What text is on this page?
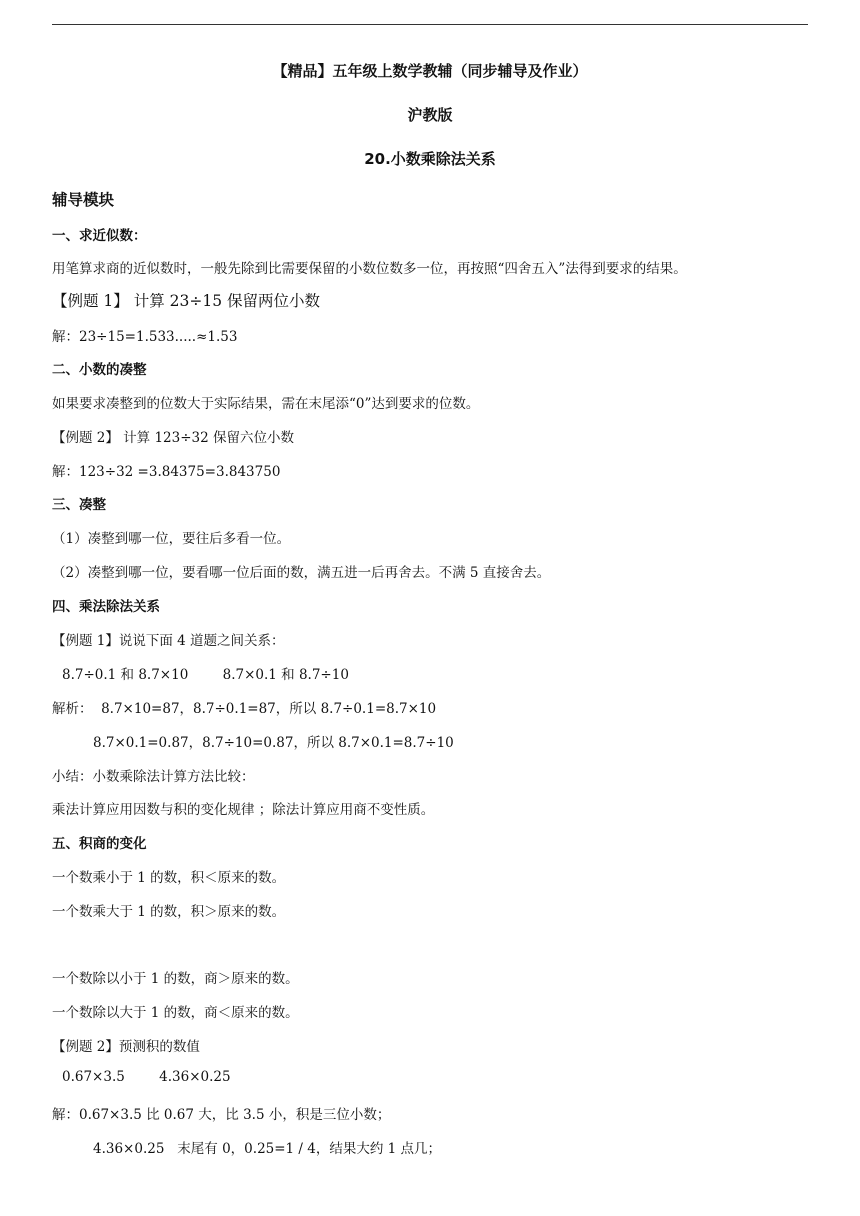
【精品】五年级上数学教辅（同步辅导及作业）
沪教版
20.小数乘除法关系
辅导模块
一、求近似数：
用笔算求商的近似数时，一般先除到比需要保留的小数位数多一位，再按照“四舍五入”法得到要求的结果。
【例题 1】 计算 23÷15 保留两位小数
解：23÷15=1.533.....≈1.53
二、小数的凑整
如果要求凑整到的位数大于实际结果，需在末尾添“0”达到要求的位数。
【例题 2】 计算 123÷32 保留六位小数
解：123÷32 =3.84375=3.843750
三、凑整
（1）凑整到哪一位，要往后多看一位。
（2）凑整到哪一位，要看哪一位后面的数，满五进一后再舍去。不满 5 直接舍去。
四、乘法除法关系
【例题 1】说说下面 4 道题之间关系：
8.7÷0.1 和 8.7×10        8.7×0.1 和 8.7÷10
解析：  8.7×10=87，8.7÷0.1=87，所以 8.7÷0.1=8.7×10
8.7×0.1=0.87，8.7÷10=0.87，所以 8.7×0.1=8.7÷10
小结：小数乘除法计算方法比较：
乘法计算应用因数与积的变化规律 ；除法计算应用商不变性质。
五、积商的变化
一个数乘小于 1 的数，积＜原来的数。
一个数乘大于 1 的数，积＞原来的数。
一个数除以小于 1 的数，商＞原来的数。
一个数除以大于 1 的数，商＜原来的数。
【例题 2】预测积的数值
0.67×3.5        4.36×0.25
解：0.67×3.5 比 0.67 大，比 3.5 小，积是三位小数；
4.36×0.25   末尾有 0，0.25=1 / 4，结果大约 1 点几；
